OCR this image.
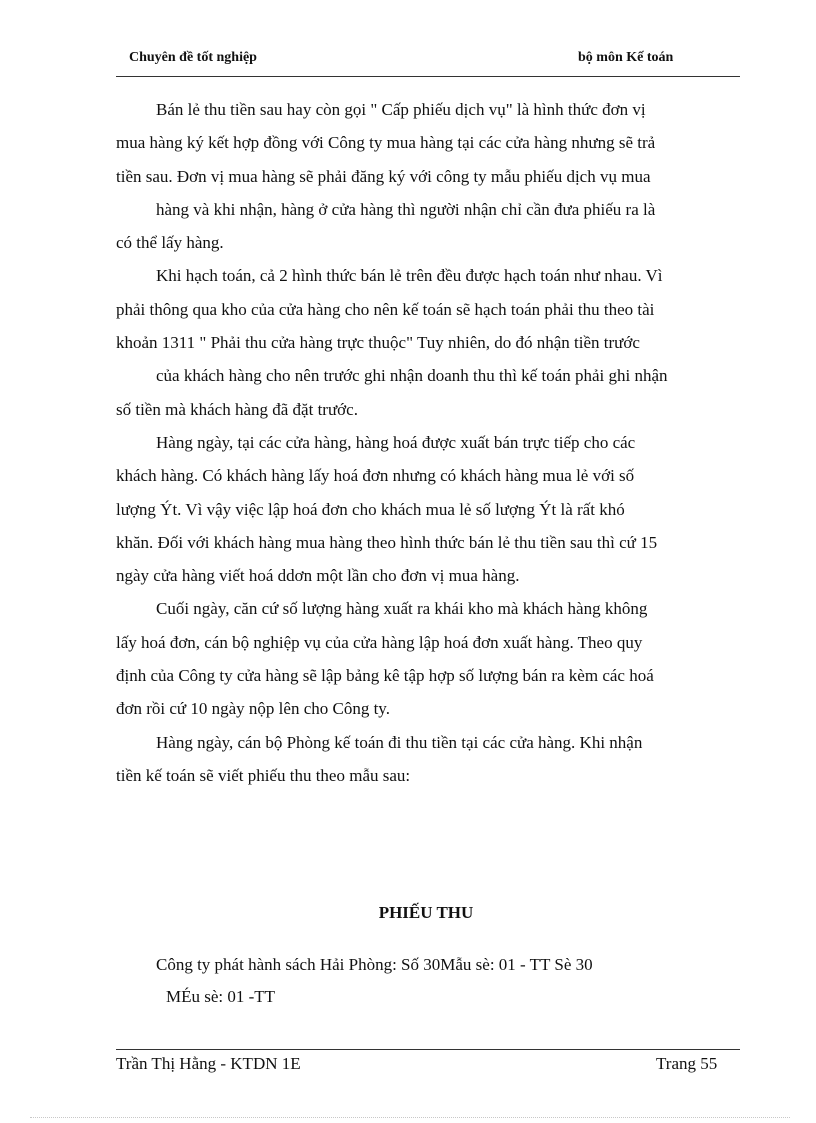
Chuyên đề tốt nghiệp	bộ môn Kế toán

Bán lẻ thu tiền sau hay còn gọi " Cấp phiếu dịch vụ" là hình thức đơn vị
mua hàng ký kết hợp đồng với Công ty mua hàng tại các cửa hàng nhưng sẽ trả
tiền sau. Đơn vị mua hàng sẽ phải đăng ký với công ty mẫu phiếu dịch vụ mua
hàng và khi nhận, hàng ở cửa hàng thì người nhận chỉ cần đưa phiếu ra là
có thể lấy hàng.

Khi hạch toán, cả 2 hình thức bán lẻ trên đều được hạch toán như nhau. Vì
phải thông qua kho của cửa hàng cho nên kế toán sẽ hạch toán phải thu theo tài
khoản 1311 " Phải thu cửa hàng trực thuộc" Tuy nhiên, do đó nhận tiền trước
của khách hàng cho nên trước ghi nhận doanh thu thì kế toán phải ghi nhận
số tiền mà khách hàng đã đặt trước.

Hàng ngày, tại các cửa hàng, hàng hoá được xuất bán trực tiếp cho các
khách hàng. Có khách hàng lấy hoá đơn nhưng có khách hàng mua lẻ với số
lượng Ýt. Vì vậy việc lập hoá đơn cho khách mua lẻ số lượng Ýt là rất khó
khăn. Đối với khách hàng mua hàng theo hình thức bán lẻ thu tiền sau thì cứ 15
ngày cửa hàng viết hoá ddơn một lần cho đơn vị mua hàng.

Cuối ngày, căn cứ số lượng hàng xuất ra khái kho mà khách hàng không
lấy hoá đơn, cán bộ nghiệp vụ của cửa hàng lập hoá đơn xuất hàng. Theo quy
định của Công ty cửa hàng sẽ lập bảng kê tập hợp số lượng bán ra kèm các hoá
đơn rồi cứ 10 ngày nộp lên cho Công ty.

Hàng ngày, cán bộ Phòng kế toán đi thu tiền tại các cửa hàng. Khi nhận
tiền kế toán sẽ viết phiếu thu theo mẫu sau:

PHIẾU THU
Công ty phát hành sách Hải Phòng: Số 30Mẫu sè: 01 - TT Sè 30
MÉu sè: 01 -TT
Trần Thị Hằng - KTDN 1E	Trang 55
